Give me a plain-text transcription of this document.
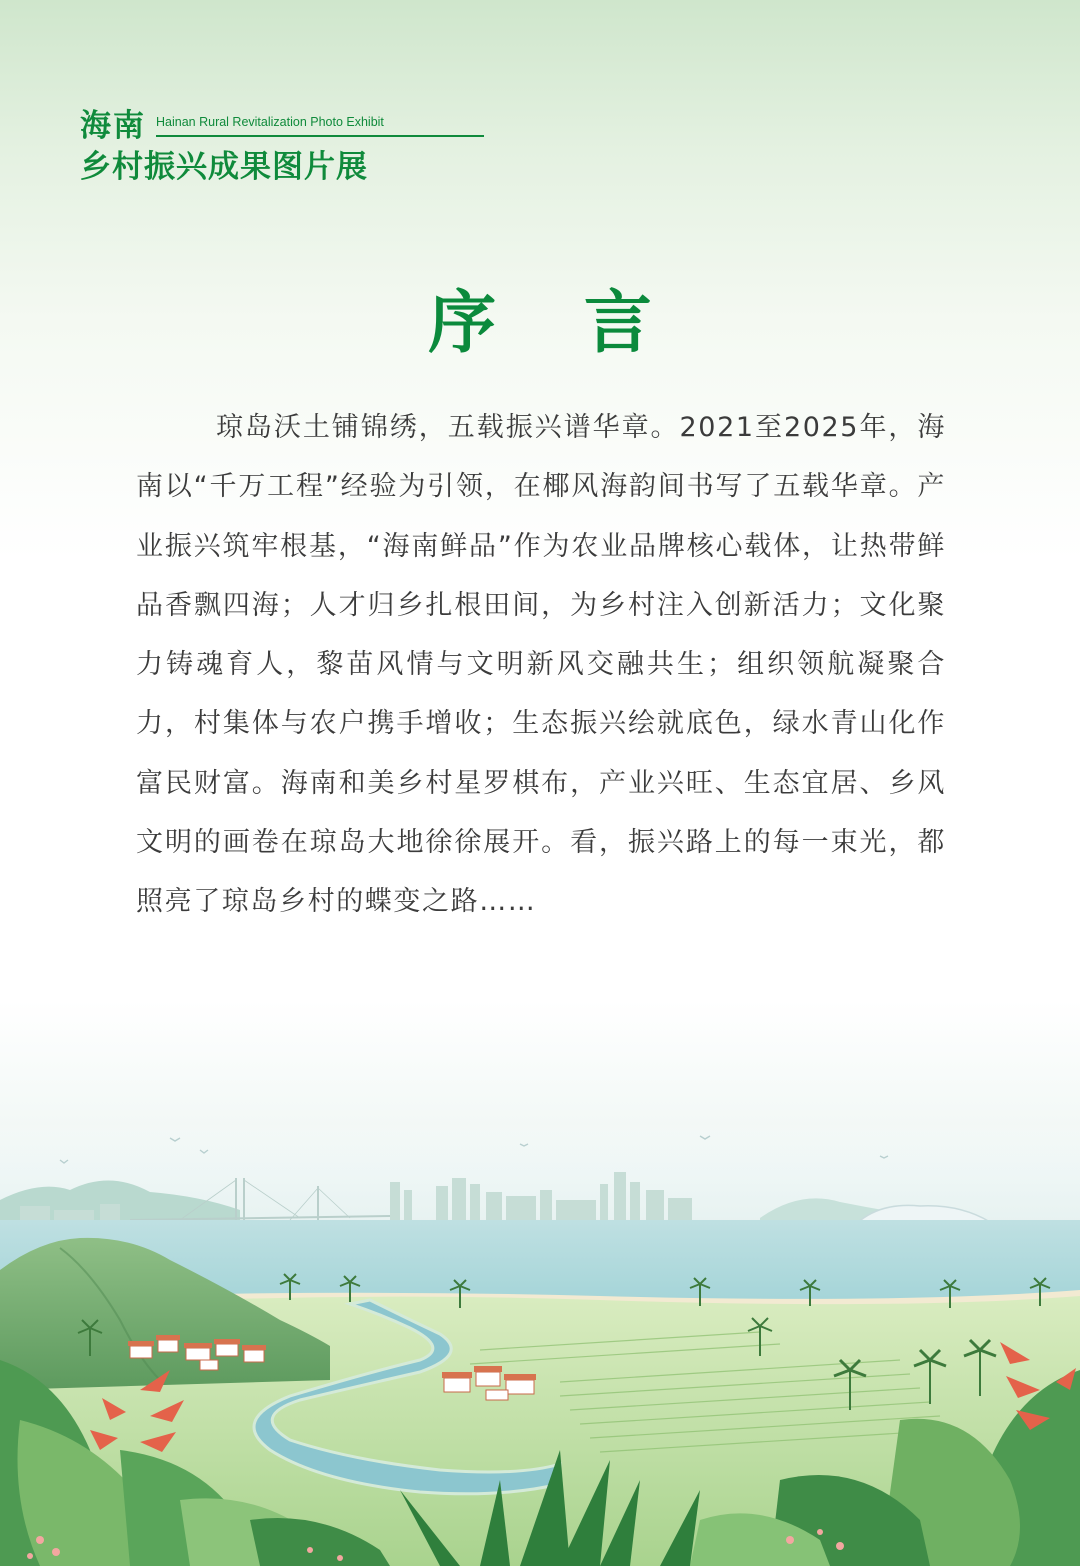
海南 Hainan Rural Revitalization Photo Exhibit
乡村振兴成果图片展
序 言
琼岛沃土铺锦绣，五载振兴谱华章。2021至2025年，海南以“千万工程”经验为引领，在椰风海韵间书写了五载华章。产业振兴筑牢根基，“海南鲜品”作为农业品牌核心载体，让热带鲜品香飘四海；人才归乡扎根田间，为乡村注入创新活力；文化聚力铸魂育人，黎苗风情与文明新风交融共生；组织领航凝聚合力，村集体与农户携手增收；生态振兴绘就底色，绿水青山化作富民财富。海南和美乡村星罗棋布，产业兴旺、生态宜居、乡风文明的画卷在琼岛大地徐徐展开。看，振兴路上的每一束光，都照亮了琼岛乡村的蝶变之路……
